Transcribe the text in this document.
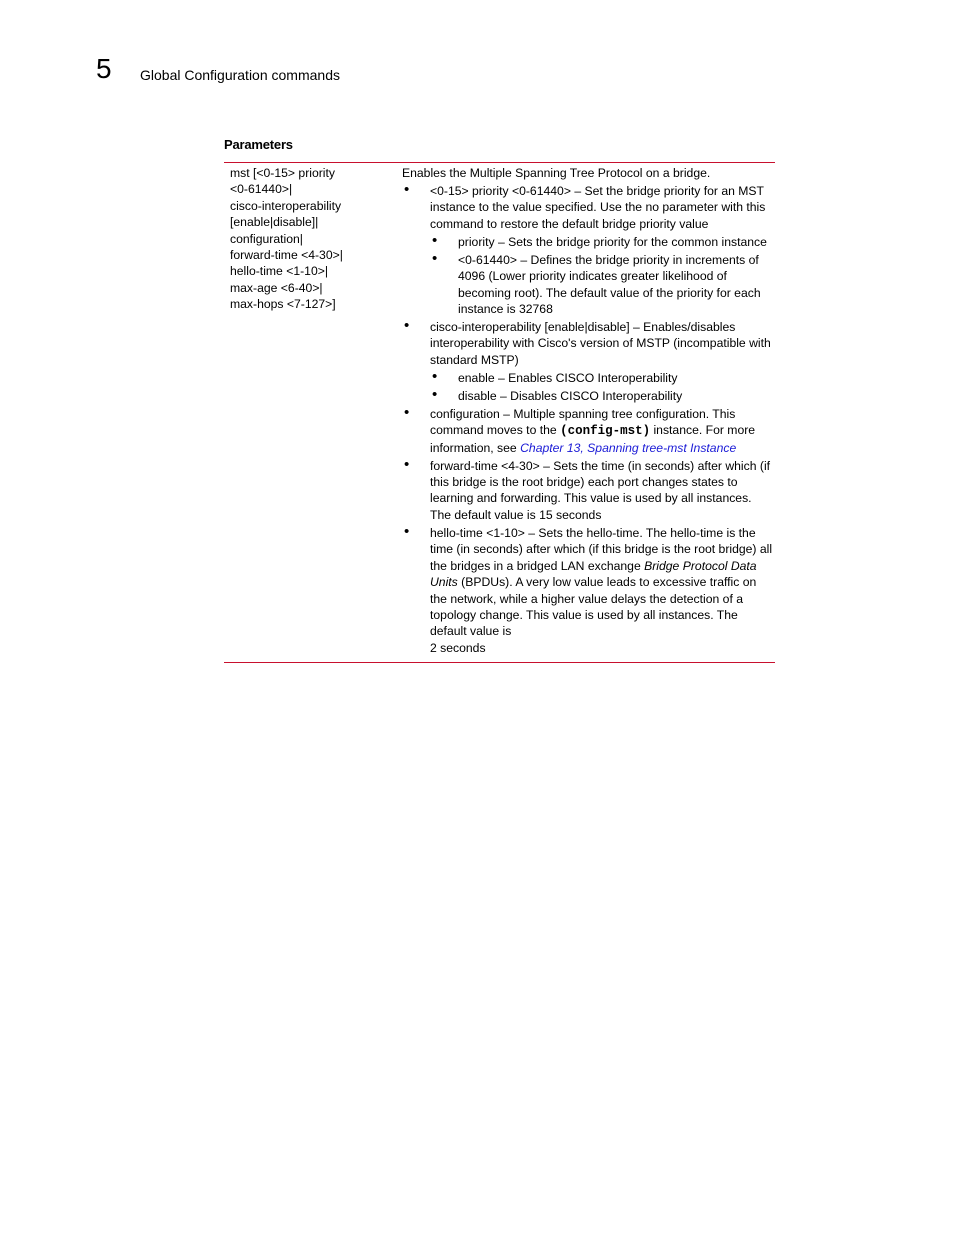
5 Global Configuration commands
Parameters
mst [<0-15> priority
<0-61440>|
cisco-interoperability
[enable|disable]|
configuration|
forward-time <4-30>|
hello-time <1-10>|
max-age <6-40>|
max-hops <7-127>]
Enables the Multiple Spanning Tree Protocol on a bridge.
• <0-15> priority <0-61440> – Set the bridge priority for an MST instance to the value specified. Use the no parameter with this command to restore the default bridge priority value
• priority – Sets the bridge priority for the common instance
• <0-61440> – Defines the bridge priority in increments of 4096 (Lower priority indicates greater likelihood of becoming root). The default value of the priority for each instance is 32768
• cisco-interoperability [enable|disable] – Enables/disables interoperability with Cisco's version of MSTP (incompatible with standard MSTP)
• enable – Enables CISCO Interoperability
• disable – Disables CISCO Interoperability
• configuration – Multiple spanning tree configuration. This command moves to the (config-mst) instance. For more information, see Chapter 13, Spanning tree-mst Instance
• forward-time <4-30> – Sets the time (in seconds) after which (if this bridge is the root bridge) each port changes states to learning and forwarding. This value is used by all instances. The default value is 15 seconds
• hello-time <1-10> – Sets the hello-time. The hello-time is the time (in seconds) after which (if this bridge is the root bridge) all the bridges in a bridged LAN exchange Bridge Protocol Data Units (BPDUs). A very low value leads to excessive traffic on the network, while a higher value delays the detection of a topology change. This value is used by all instances. The default value is
2 seconds
